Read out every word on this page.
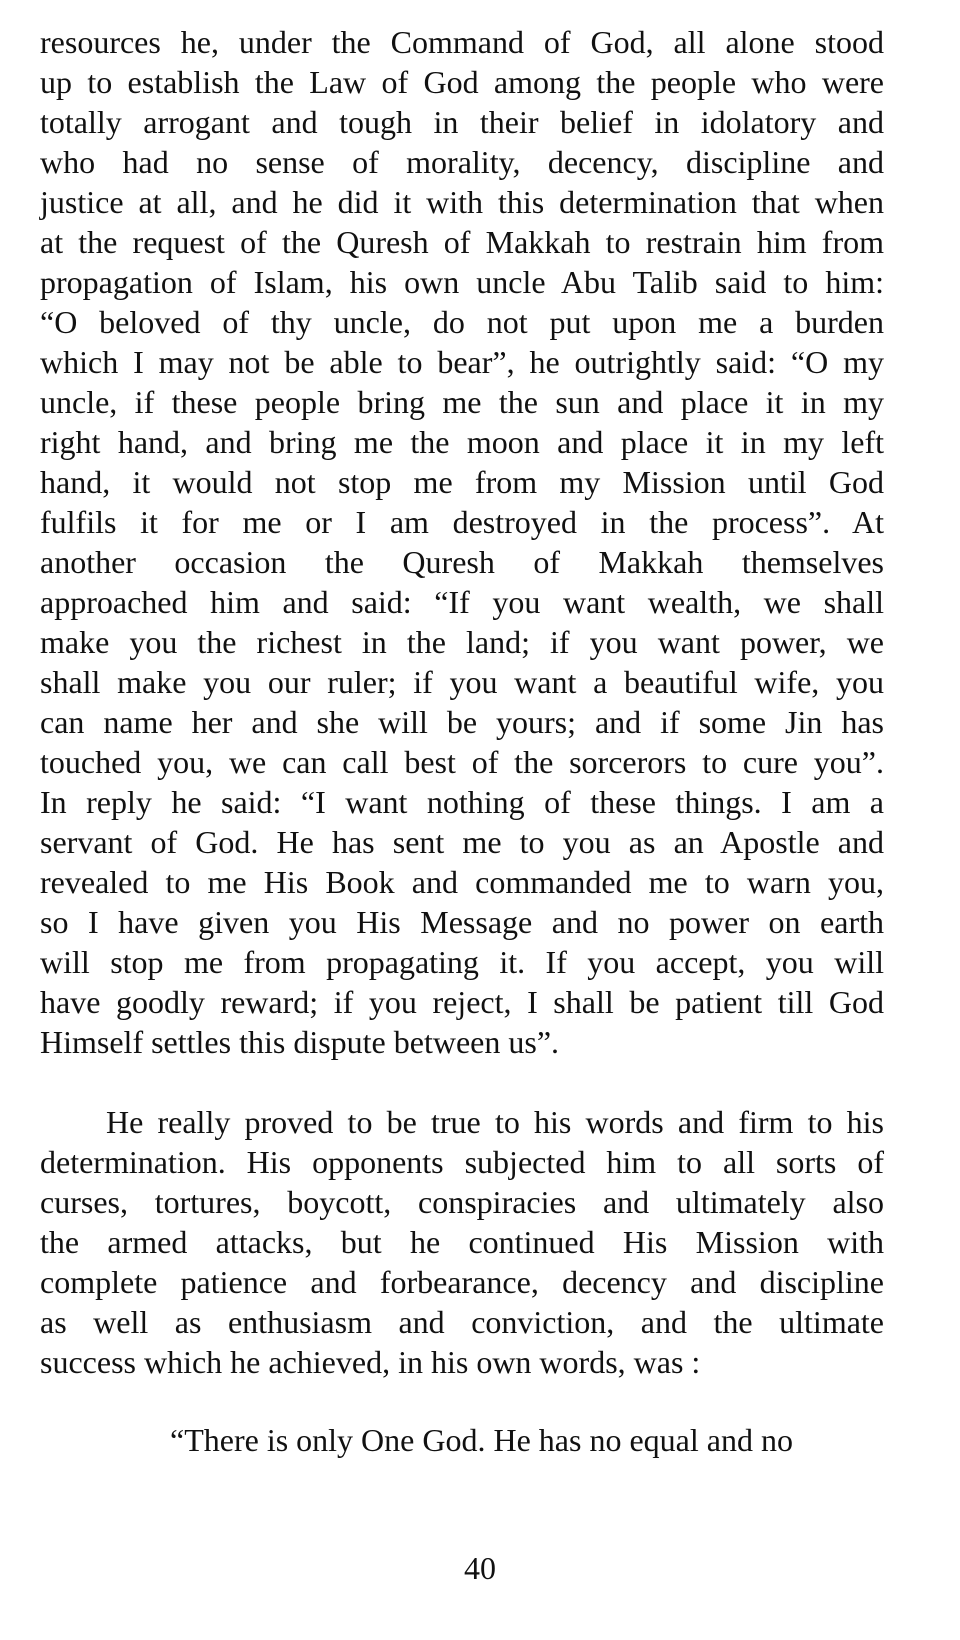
resources he, under the Command of God, all alone stood
up to establish the Law of God among the people who were
totally arrogant and tough in their belief in idolatory and
who had no sense of morality, decency, discipline and
justice at all, and he did it with this determination that when
at the request of the Quresh of Makkah to restrain him from
propagation of Islam, his own uncle Abu Talib said to him:
“O beloved of thy uncle, do not put upon me a burden
which I may not be able to bear”, he outrightly said: “O my
uncle, if these people bring me the sun and place it in my
right hand, and bring me the moon and place it in my left
hand, it would not stop me from my Mission until God
fulfils it for me or I am destroyed in the process”. At
another occasion the Quresh of Makkah themselves
approached him and said: “If you want wealth, we shall
make you the richest in the land; if you want power, we
shall make you our ruler; if you want a beautiful wife, you
can name her and she will be yours; and if some Jin has
touched you, we can call best of the sorcerors to cure you”.
In reply he said: “I want nothing of these things. I am a
servant of God. He has sent me to you as an Apostle and
revealed to me His Book and commanded me to warn you,
so I have given you His Message and no power on earth
will stop me from propagating it. If you accept, you will
have goodly reward; if you reject, I shall be patient till God
Himself settles this dispute between us”.
He really proved to be true to his words and firm to his
determination. His opponents subjected him to all sorts of
curses, tortures, boycott, conspiracies and ultimately also
the armed attacks, but he continued His Mission with
complete patience and forbearance, decency and discipline
as well as enthusiasm and conviction, and the ultimate
success which he achieved, in his own words, was :
“There is only One God. He has no equal and no
40
